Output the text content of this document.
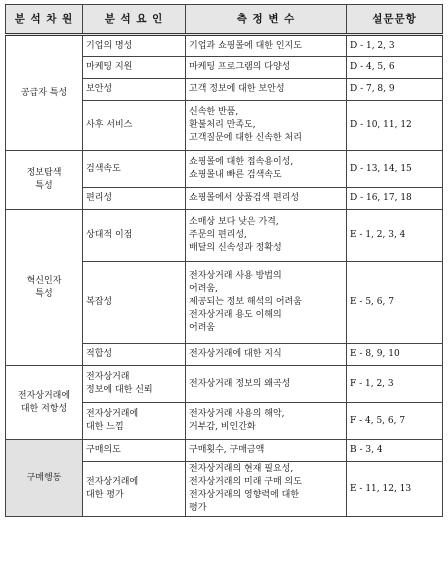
분 석 차 원	분 석 요 인	측 정 변 수	설문문항

공급자 특성	기업의 명성	기업과 쇼핑몰에 대한 인지도	D - 1, 2, 3

	마케팅 지원	마케팅 프로그램의 다양성	D - 4, 5, 6

	보안성	고객 정보에 대한 보안성	D - 7, 8, 9

	사후 서비스	신속한 반품,
환불처리 만족도,
고객질문에 대한 신속한 처리	D - 10, 11, 12

정보탐색
특성	검색속도	쇼핑몰에 대한 접속용이성,
쇼핑몰내 빠른 검색속도	D - 13, 14, 15

	편리성	쇼핑몰에서 상품검색 편리성	D - 16, 17, 18

혁신인자
특성	상대적 이점	소매상 보다 낮은 가격,
주문의 편리성,
배달의 신속성과 정확성	E - 1, 2, 3, 4

	복잡성	전자상거래 사용 방법의
어려움,
제공되는 정보 해석의 어려움
전자상거래 용도 이해의
어려움	E - 5, 6, 7

	적합성	전자상거래에 대한 지식	E - 8, 9, 10

전자상거래에
대한 저항성	전자상거래
정보에 대한 신뢰	전자상거래 정보의 왜곡성	F - 1, 2, 3

	전자상거래에
대한 느낌	전자상거래 사용의 해악,
거부감, 비인간화	F - 4, 5, 6, 7

구매행동	구매의도	구매횟수, 구매금액	B - 3, 4

	전자상거래에
대한 평가	전자상거래의 현재 필요성,
전자상거래의 미래 구매 의도
전자상거래의 영향력에 대한
평가	E - 11, 12, 13
